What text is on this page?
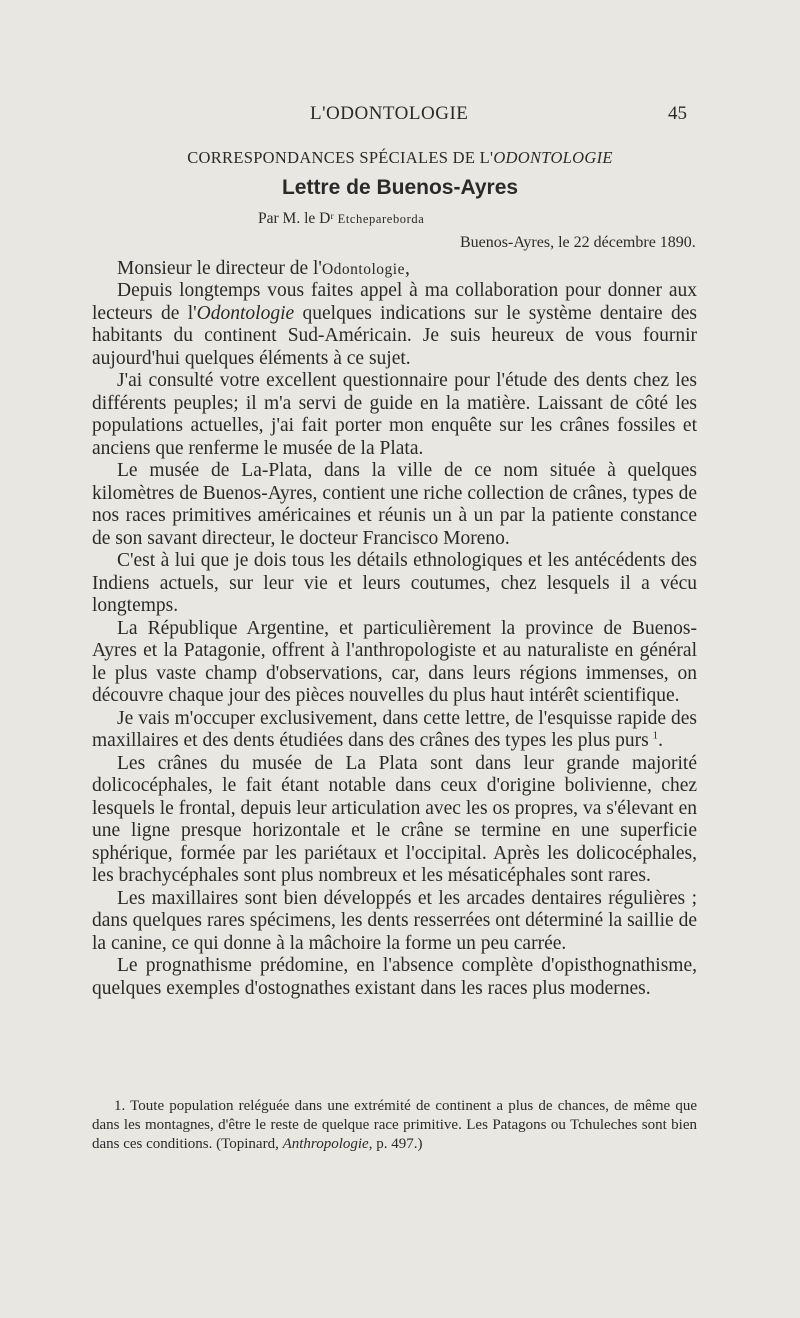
L'ODONTOLOGIE	45
CORRESPONDANCES SPÉCIALES DE L'ODONTOLOGIE
Lettre de Buenos-Ayres
Par M. le Dʳ Etcheparebord​a
Buenos-Ayres, le 22 décembre 1890.
Monsieur le directeur de l'Odontologie,

Depuis longtemps vous faites appel à ma collaboration pour donner aux lecteurs de l'Odontologie quelques indications sur le système dentaire des habitants du continent Sud-Américain. Je suis heureux de vous fournir aujourd'hui quelques éléments à ce sujet.

J'ai consulté votre excellent questionnaire pour l'étude des dents chez les différents peuples; il m'a servi de guide en la matière. Laissant de côté les populations actuelles, j'ai fait porter mon enquête sur les crânes fossiles et anciens que renferme le musée de la Plata.

Le musée de La-Plata, dans la ville de ce nom située à quelques kilomètres de Buenos-Ayres, contient une riche collection de crânes, types de nos races primitives américaines et réunis un à un par la patiente constance de son savant directeur, le docteur Francisco Moreno.

C'est à lui que je dois tous les détails ethnologiques et les antécédents des Indiens actuels, sur leur vie et leurs coutumes, chez lesquels il a vécu longtemps.

La République Argentine, et particulièrement la province de Buenos-Ayres et la Patagonie, offrent à l'anthropologiste et au naturaliste en général le plus vaste champ d'observations, car, dans leurs régions immenses, on découvre chaque jour des pièces nouvelles du plus haut intérêt scientifique.

Je vais m'occuper exclusivement, dans cette lettre, de l'esquisse rapide des maxillaires et des dents étudiées dans des crânes des types les plus purs  $^1$.

Les crânes du musée de La Plata sont dans leur grande majorité dolicocéphales, le fait étant notable dans ceux d'origine bolivienne, chez lesquels le frontal, depuis leur articulation avec les os propres, va s'élevant en une ligne presque horizontale et le crâne se termine en une superficie sphérique, formée par les pariétaux et l'occipital. Après les dolicocéphales, les brachycéphales sont plus nombreux et les mésaticéphales sont rares.

Les maxillaires sont bien développés et les arcades dentaires régulières ; dans quelques rares spécimens, les dents resserrées ont déterminé la saillie de la canine, ce qui donne à la mâchoire la forme un peu carrée.

Le prognathisme prédomine, en l'absence complète d'opisthognathisme, quelques exemples d'ostognathes existant dans les races plus modernes.

1. Toute population reléguée dans une extrémité de continent a plus de chances, de même que dans les montagnes, d'être le reste de quelque race primitive. Les Patagons ou Tchuleches sont bien dans ces conditions. (Topinard, Anthropologie, p. 497.)
